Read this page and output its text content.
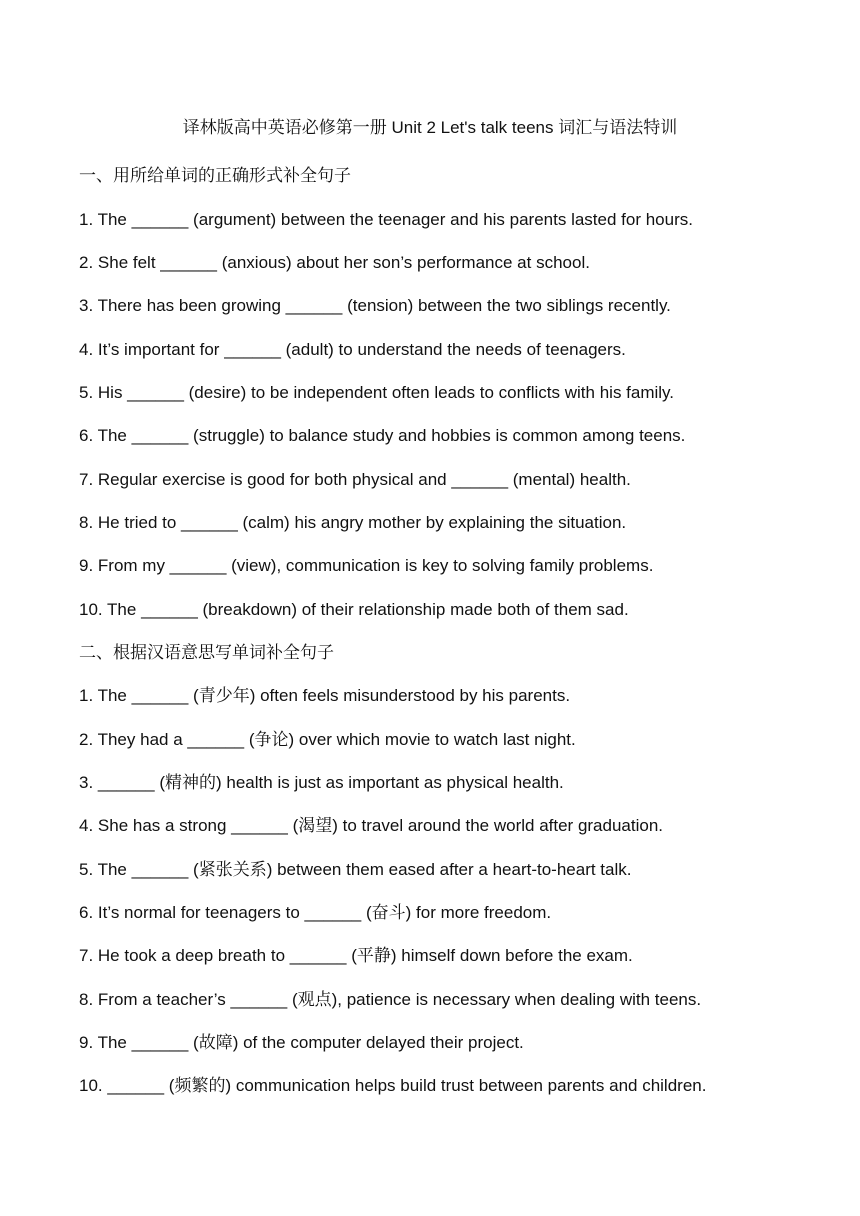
译林版高中英语必修第一册 Unit 2 Let's talk teens 词汇与语法特训
一、用所给单词的正确形式补全句子
1. The ______ (argument) between the teenager and his parents lasted for hours.
2. She felt ______ (anxious) about her son’s performance at school.
3. There has been growing ______ (tension) between the two siblings recently.
4. It’s important for ______ (adult) to understand the needs of teenagers.
5. His ______ (desire) to be independent often leads to conflicts with his family.
6. The ______ (struggle) to balance study and hobbies is common among teens.
7. Regular exercise is good for both physical and ______ (mental) health.
8. He tried to ______ (calm) his angry mother by explaining the situation.
9. From my ______ (view), communication is key to solving family problems.
10. The ______ (breakdown) of their relationship made both of them sad.
二、根据汉语意思写单词补全句子
1. The ______ (青少年) often feels misunderstood by his parents.
2. They had a ______ (争论) over which movie to watch last night.
3. ______ (精神的) health is just as important as physical health.
4. She has a strong ______ (渴望) to travel around the world after graduation.
5. The ______ (紧张关系) between them eased after a heart-to-heart talk.
6. It’s normal for teenagers to ______ (奋斗) for more freedom.
7. He took a deep breath to ______ (平静) himself down before the exam.
8. From a teacher’s ______ (观点), patience is necessary when dealing with teens.
9. The ______ (故障) of the computer delayed their project.
10. ______ (频繁的) communication helps build trust between parents and children.
